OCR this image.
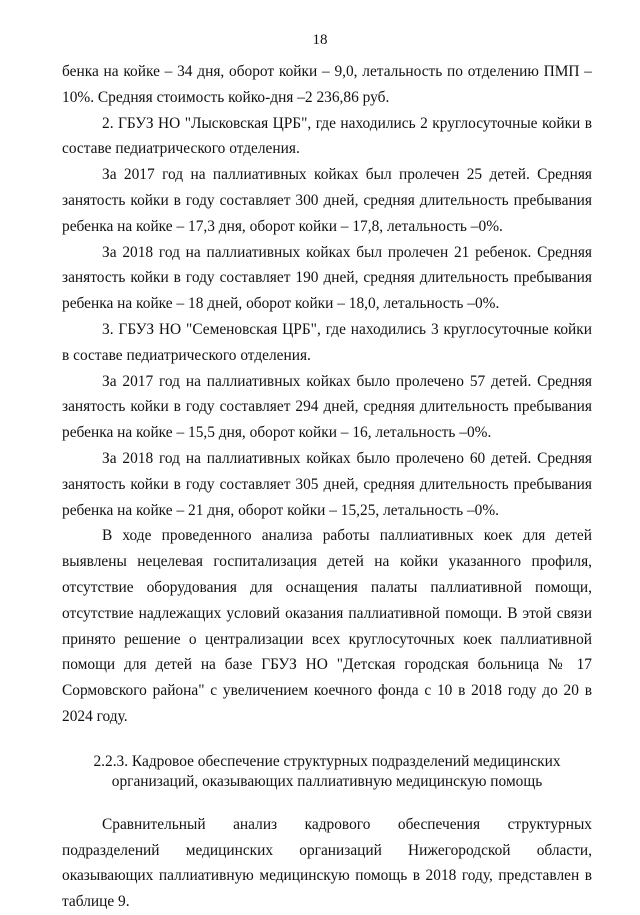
18

бенка на койке – 34 дня, оборот койки – 9,0, летальность по отделению ПМП – 10%. Средняя стоимость койко-дня –2 236,86 руб.

2. ГБУЗ НО "Лысковская ЦРБ", где находились 2 круглосуточные койки в составе педиатрического отделения.

За 2017 год на паллиативных койках был пролечен 25 детей. Средняя занятость койки в году составляет 300 дней, средняя длительность пребывания ребенка на койке – 17,3 дня, оборот койки – 17,8, летальность –0%.

За 2018 год на паллиативных койках был пролечен 21 ребенок. Средняя занятость койки в году составляет 190 дней, средняя длительность пребывания ребенка на койке – 18 дней, оборот койки – 18,0, летальность –0%.

3. ГБУЗ НО "Семеновская ЦРБ", где находились 3 круглосуточные койки в составе педиатрического отделения.

За 2017 год на паллиативных койках было пролечено 57 детей. Средняя занятость койки в году составляет 294 дней, средняя длительность пребывания ребенка на койке – 15,5 дня, оборот койки – 16, летальность –0%.

За 2018 год на паллиативных койках было пролечено 60 детей. Средняя занятость койки в году составляет 305 дней, средняя длительность пребывания ребенка на койке – 21 дня, оборот койки – 15,25, летальность –0%.

В ходе проведенного анализа работы паллиативных коек для детей выявлены нецелевая госпитализация детей на койки указанного профиля, отсутствие оборудования для оснащения палаты паллиативной помощи, отсутствие надлежащих условий оказания паллиативной помощи. В этой связи принято решение о централизации всех круглосуточных коек паллиативной помощи для детей на базе ГБУЗ НО "Детская городская больница № 17 Сормовского района" с увеличением коечного фонда с 10 в 2018 году до 20 в 2024 году.

2.2.3. Кадровое обеспечение структурных подразделений медицинских
организаций, оказывающих паллиативную медицинскую помощь

Сравнительный анализ кадрового обеспечения структурных подразделений медицинских организаций Нижегородской области, оказывающих паллиативную медицинскую помощь в 2018 году, представлен в таблице 9.
